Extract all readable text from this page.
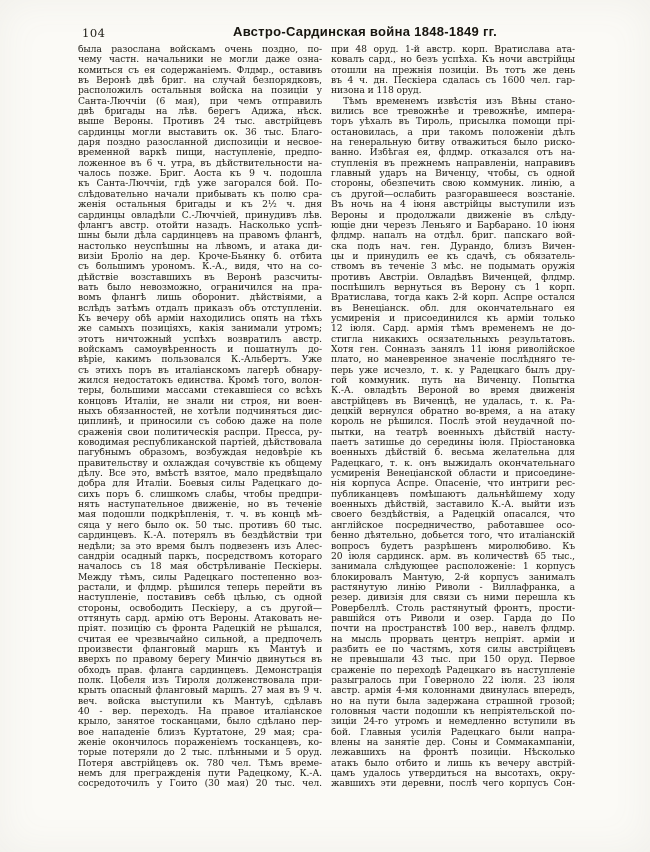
104	Австро-Сардинская война 1848-1849 гг.
была разослана войскамъ очень поздно, по-
чему частн. начальники не могли даже озна-
комиться съ ея содержаніемъ. Флдмр., оставивъ
въ Веронѣ двѣ бриг. на случай безпорядковъ,
расположилъ остальныя войска на позиціи у
Санта-Люччіи (6 мая), при чемъ отправилъ
двѣ бригады на лѣв. берегъ Адижа, нѣск.
выше Вероны. Противъ 24 тыс. австрійцевъ
сардинцы могли выставить ок. 36 тыс. Благо-
даря поздно разосланной диспозиціи и несвое-
временной варкѣ пищи, наступленіе, предпо-
ложенное въ 6 ч. утра, въ дѣйствительности на-
чалось позже. Бриг. Аоста къ 9 ч. подошла
къ Санта-Люччіи, гдѣ уже загорался бой. По-
слѣдовательно начали прибывать къ полю сра-
женія остальныя бригады и къ 2½ ч. дня
сардинцы овладѣли С.-Люччіей, принудивъ лѣв.
флангъ австр. отойти назадъ. Насколько успѣ-
шны были дѣла сардинцевъ на правомъ флангѣ,
настолько неуспѣшны на лѣвомъ, и атака ди-
визіи Броліо на дер. Кроче-Бьянку б. отбита
съ большимъ урономъ. К.-А., видя, что на со-
дѣйствіе возставшихъ въ Веронѣ разсчиты-
вать было невозможно, ограничился на пра-
вомъ флангѣ лишь оборонит. дѣйствіями, а
вслѣдъ затѣмъ отдалъ приказъ объ отступленіи.
Къ вечеру обѣ арміи находились опять на тѣхъ
же самыхъ позиціяхъ, какія занимали утромъ;
этотъ ничтожный успѣхъ возвратилъ австр.
войскамъ самоувѣренность и пошатнулъ до-
вѣріе, какимъ пользовался К.-Альбертъ. Уже
съ этихъ поръ въ италіанскомъ лагерѣ обнару-
жился недостатокъ единства. Кромѣ того, волон-
теры, большими массами стекавшіеся со всѣхъ
концовъ Италіи, не знали ни строя, ни воен-
ныхъ обязанностей, не хотѣли подчиняться дис-
циплинѣ, и приносили съ собою даже на поле
сраженія свои политическія распри. Пресса, ру-
ководимая республиканской партіей, дѣйствовала
пагубнымъ образомъ, возбуждая недовѣріе къ
правительству и охлаждая сочувствіе къ общему
дѣлу. Все это, вмѣстѣ взятое, мало предвѣщало
добра для Италіи. Боевыя силы Радецкаго до-
сихъ поръ б. слишкомъ слабы, чтобы предпри-
нять наступательное движеніе, но въ теченіе
мая подошли подкрѣпленія, т. ч. въ концѣ мѣ-
сяца у него было ок. 50 тыс. противъ 60 тыс.
сардинцевъ. К.-А. потерялъ въ бездѣйствіи три
недѣли; за это время былъ подвезенъ изъ Алес-
сандріи осадный паркъ, посредствомъ котораго
началось съ 18 мая обстрѣливаніе Пескіеры.
Между тѣмъ, силы Радецкаго постепенно воз-
растали, и флдмр. рѣшился теперь перейти въ
наступленіе, поставивъ себѣ цѣлью, съ одной
стороны, освободить Пескіеру, а съ другой—
оттянуть сард. армію отъ Вероны. Атаковать не-
пріят. позицію съ фронта Радецкій не рѣшался,
считая ее чрезвычайно сильной, а предпочелъ
произвести фланговый маршъ къ Мантуѣ и
вверхъ по правому берегу Минчіо двинуться въ
обходъ прав. фланга сардинцевъ. Демонстрація
полк. Цобеля изъ Тироля долженствовала при-
крыть опасный фланговый маршъ. 27 мая въ 9 ч.
веч. войска выступили къ Мантуѣ, сдѣлавъ
40 - вер. переходъ. На правое италіанское
крыло, занятое тосканцами, было сдѣлано пер-
вое нападеніе близъ Куртатоне, 29 мая; сра-
женіе окончилось пораженіемъ тосканцевъ, ко-
торые потеряли до 2 тыс. плѣнными и 5 оруд.
Потеря австрійцевъ ок. 780 чел. Тѣмъ време-
немъ для прегражденія пути Радецкому, К.-А.
сосредоточилъ у Гоито (30 мая) 20 тыс. чел.
при 48 оруд. 1-й австр. корп. Вратислава ата-
ковалъ сард., но безъ успѣха. Къ ночи австрійцы
отошли на прежнія позиціи. Въ тотъ же день
въ 4 ч. дн. Пескіера сдалась съ 1600 чел. гар-
низона и 118 оруд.
Тѣмъ временемъ извѣстія изъ Вѣны стано-
вились все тревожнѣе и тревожнѣе, импера-
торъ уѣхалъ въ Тироль, присылка помощи прі-
остановилась, а при такомъ положеніи дѣлъ
на генеральную битву отважиться было риско-
ванно. Избѣгая ея, флдмр. отказался отъ на-
ступленія въ прежнемъ направленіи, направивъ
главный ударъ на Виченцу, чтобы, съ одной
стороны, обезпечить свою коммуник. линію, а
съ другой—ослабить разгоравшееся возстаніе.
Въ ночь на 4 іюня австрійцы выступили изъ
Вероны и продолжали движеніе въ слѣду-
ющіе дни черезъ Леньяго и Барбарано. 10 іюня
флдмр. напалъ на отдѣл. бриг. папскаго вой-
ска подъ нач. ген. Дурандо, близъ Вичен-
цы и принудилъ ее къ сдачѣ, съ обязатель-
ствомъ въ теченіе 3 мѣс. не подымать оружія
противъ Австріи. Овладѣвъ Виченцей, флдмр.
поспѣшилъ вернуться въ Верону съ 1 корп.
Вратислава, тогда какъ 2-й корп. Аспре остался
въ Венеціанск. обл. для окончательнаго ея
усмиренія и присоединился къ арміи только
12 іюля. Сард. армія тѣмъ временемъ не до-
стигла никакихъ осязательныхъ результатовъ.
Хотя ген. Сонназъ занялъ 11 іюня риволійское
плато, но маневренное значеніе послѣдняго те-
перь уже исчезло, т. к. у Радецкаго былъ дру-
гой коммуник. путь на Виченцу. Попытка
К.-А. овладѣть Вероной во время движенія
австрійцевъ въ Виченцѣ, не удалась, т. к. Ра-
децкій вернулся обратно во-время, а на атаку
король не рѣшился. Послѣ этой неудачной по-
пытки, на театрѣ военныхъ дѣйствій насту-
паетъ затишье до середины іюля. Пріостановка
военныхъ дѣйствій б. весьма желательна для
Радецкаго, т. к. онъ выжидалъ окончательнаго
усмиренія Венеціанской области и присоедине-
нія корпуса Аспре. Опасеніе, что интриги рес-
публиканцевъ помѣшаютъ дальнѣйшему ходу
военныхъ дѣйствій, заставило К.-А. выйти изъ
своего бездѣйствія, а Радецкій опасался, что
англійское посредничество, работавшее осо-
бенно дѣятельно, добьется того, что италіанскій
вопросъ будетъ разрѣшенъ миролюбиво. Къ
20 іюля сардинск. арм. въ количествѣ 65 тыс.,
занимала слѣдующее расположеніе: 1 корпусъ
блокировалъ Мантую, 2-й корпусъ занималъ
растянутую линію Риволи - Виллафранка, а
резер. дивизія для связи съ ними перешла къ
Ровербеллѣ. Столь растянутый фронтъ, прости-
равшійся отъ Риволи и озер. Гарда до По
почти на пространствѣ 100 вер., навелъ флдмр.
на мысль прорвать центръ непріят. арміи и
разбить ее по частямъ, хотя силы австрійцевъ
не превышали 43 тыс. при 150 оруд. Первое
сраженіе по переходѣ Радецкаго въ наступленіе
разыгралось при Говерноло 22 іюля. 23 іюля
австр. армія 4-мя колоннами двинулась впередъ,
но на пути была задержана страшной грозой;
головныя части подошли къ непріятельской по-
зиціи 24-го утромъ и немедленно вступили въ
бой. Главныя усилія Радецкаго были напра-
влены на занятіе дер. Соны и Соммакампаніи,
лежавшихъ на фронтѣ позиціи. Нѣсколько
атакъ было отбито и лишь къ вечеру австрій-
цамъ удалось утвердиться на высотахъ, окру-
жавшихъ эти деревни, послѣ чего корпусъ Сон-
